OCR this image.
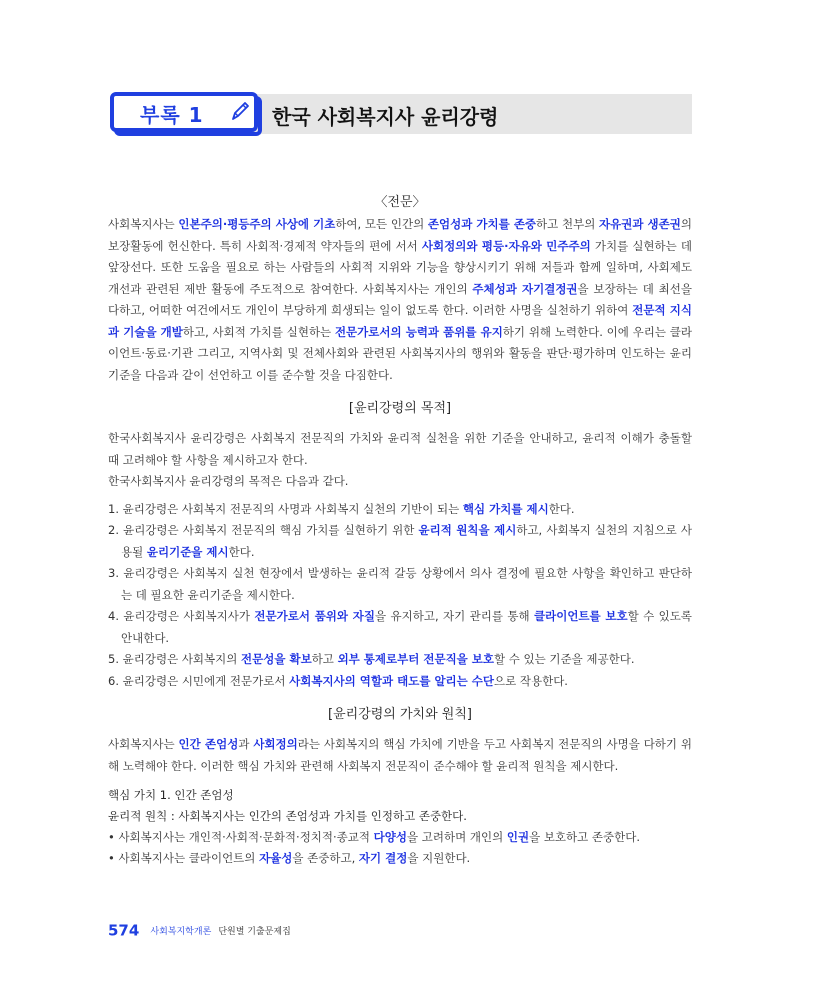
부록 1	한국 사회복지사 윤리강령
〈전문〉

사회복지사는 인본주의·평등주의 사상에 기초하여, 모든 인간의 존엄성과 가치를 존중하고 천부의 자유권과 생존권의 보장활동에 헌신한다. 특히 사회적·경제적 약자들의 편에 서서 사회정의와 평등·자유와 민주주의 가치를 실현하는 데 앞장선다. 또한 도움을 필요로 하는 사람들의 사회적 지위와 기능을 향상시키기 위해 저들과 함께 일하며, 사회제도 개선과 관련된 제반 활동에 주도적으로 참여한다. 사회복지사는 개인의 주체성과 자기결정권을 보장하는 데 최선을 다하고, 어떠한 여건에서도 개인이 부당하게 희생되는 일이 없도록 한다. 이러한 사명을 실천하기 위하여 전문적 지식과 기술을 개발하고, 사회적 가치를 실현하는 전문가로서의 능력과 품위를 유지하기 위해 노력한다. 이에 우리는 클라이언트·동료·기관 그리고, 지역사회 및 전체사회와 관련된 사회복지사의 행위와 활동을 판단·평가하며 인도하는 윤리기준을 다음과 같이 선언하고 이를 준수할 것을 다짐한다.

[윤리강령의 목적]

한국사회복지사 윤리강령은 사회복지 전문직의 가치와 윤리적 실천을 위한 기준을 안내하고, 윤리적 이해가 충돌할 때 고려해야 할 사항을 제시하고자 한다.

한국사회복지사 윤리강령의 목적은 다음과 같다.

1. 윤리강령은 사회복지 전문직의 사명과 사회복지 실천의 기반이 되는 핵심 가치를 제시한다.
2. 윤리강령은 사회복지 전문직의 핵심 가치를 실현하기 위한 윤리적 원칙을 제시하고, 사회복지 실천의 지침으로 사용될 윤리기준을 제시한다.
3. 윤리강령은 사회복지 실천 현장에서 발생하는 윤리적 갈등 상황에서 의사 결정에 필요한 사항을 확인하고 판단하는 데 필요한 윤리기준을 제시한다.
4. 윤리강령은 사회복지사가 전문가로서 품위와 자질을 유지하고, 자기 관리를 통해 클라이언트를 보호할 수 있도록 안내한다.
5. 윤리강령은 사회복지의 전문성을 확보하고 외부 통제로부터 전문직을 보호할 수 있는 기준을 제공한다.
6. 윤리강령은 시민에게 전문가로서 사회복지사의 역할과 태도를 알리는 수단으로 작용한다.
[윤리강령의 가치와 원칙]

사회복지사는 인간 존엄성과 사회정의라는 사회복지의 핵심 가치에 기반을 두고 사회복지 전문직의 사명을 다하기 위해 노력해야 한다. 이러한 핵심 가치와 관련해 사회복지 전문직이 준수해야 할 윤리적 원칙을 제시한다.

핵심 가치 1. 인간 존엄성
윤리적 원칙 : 사회복지사는 인간의 존엄성과 가치를 인정하고 존중한다.
• 사회복지사는 개인적·사회적·문화적·정치적·종교적 다양성을 고려하며 개인의 인권을 보호하고 존중한다.
• 사회복지사는 클라이언트의 자율성을 존중하고, 자기 결정을 지원한다.
574 사회복지학개론 단원별 기출문제집
